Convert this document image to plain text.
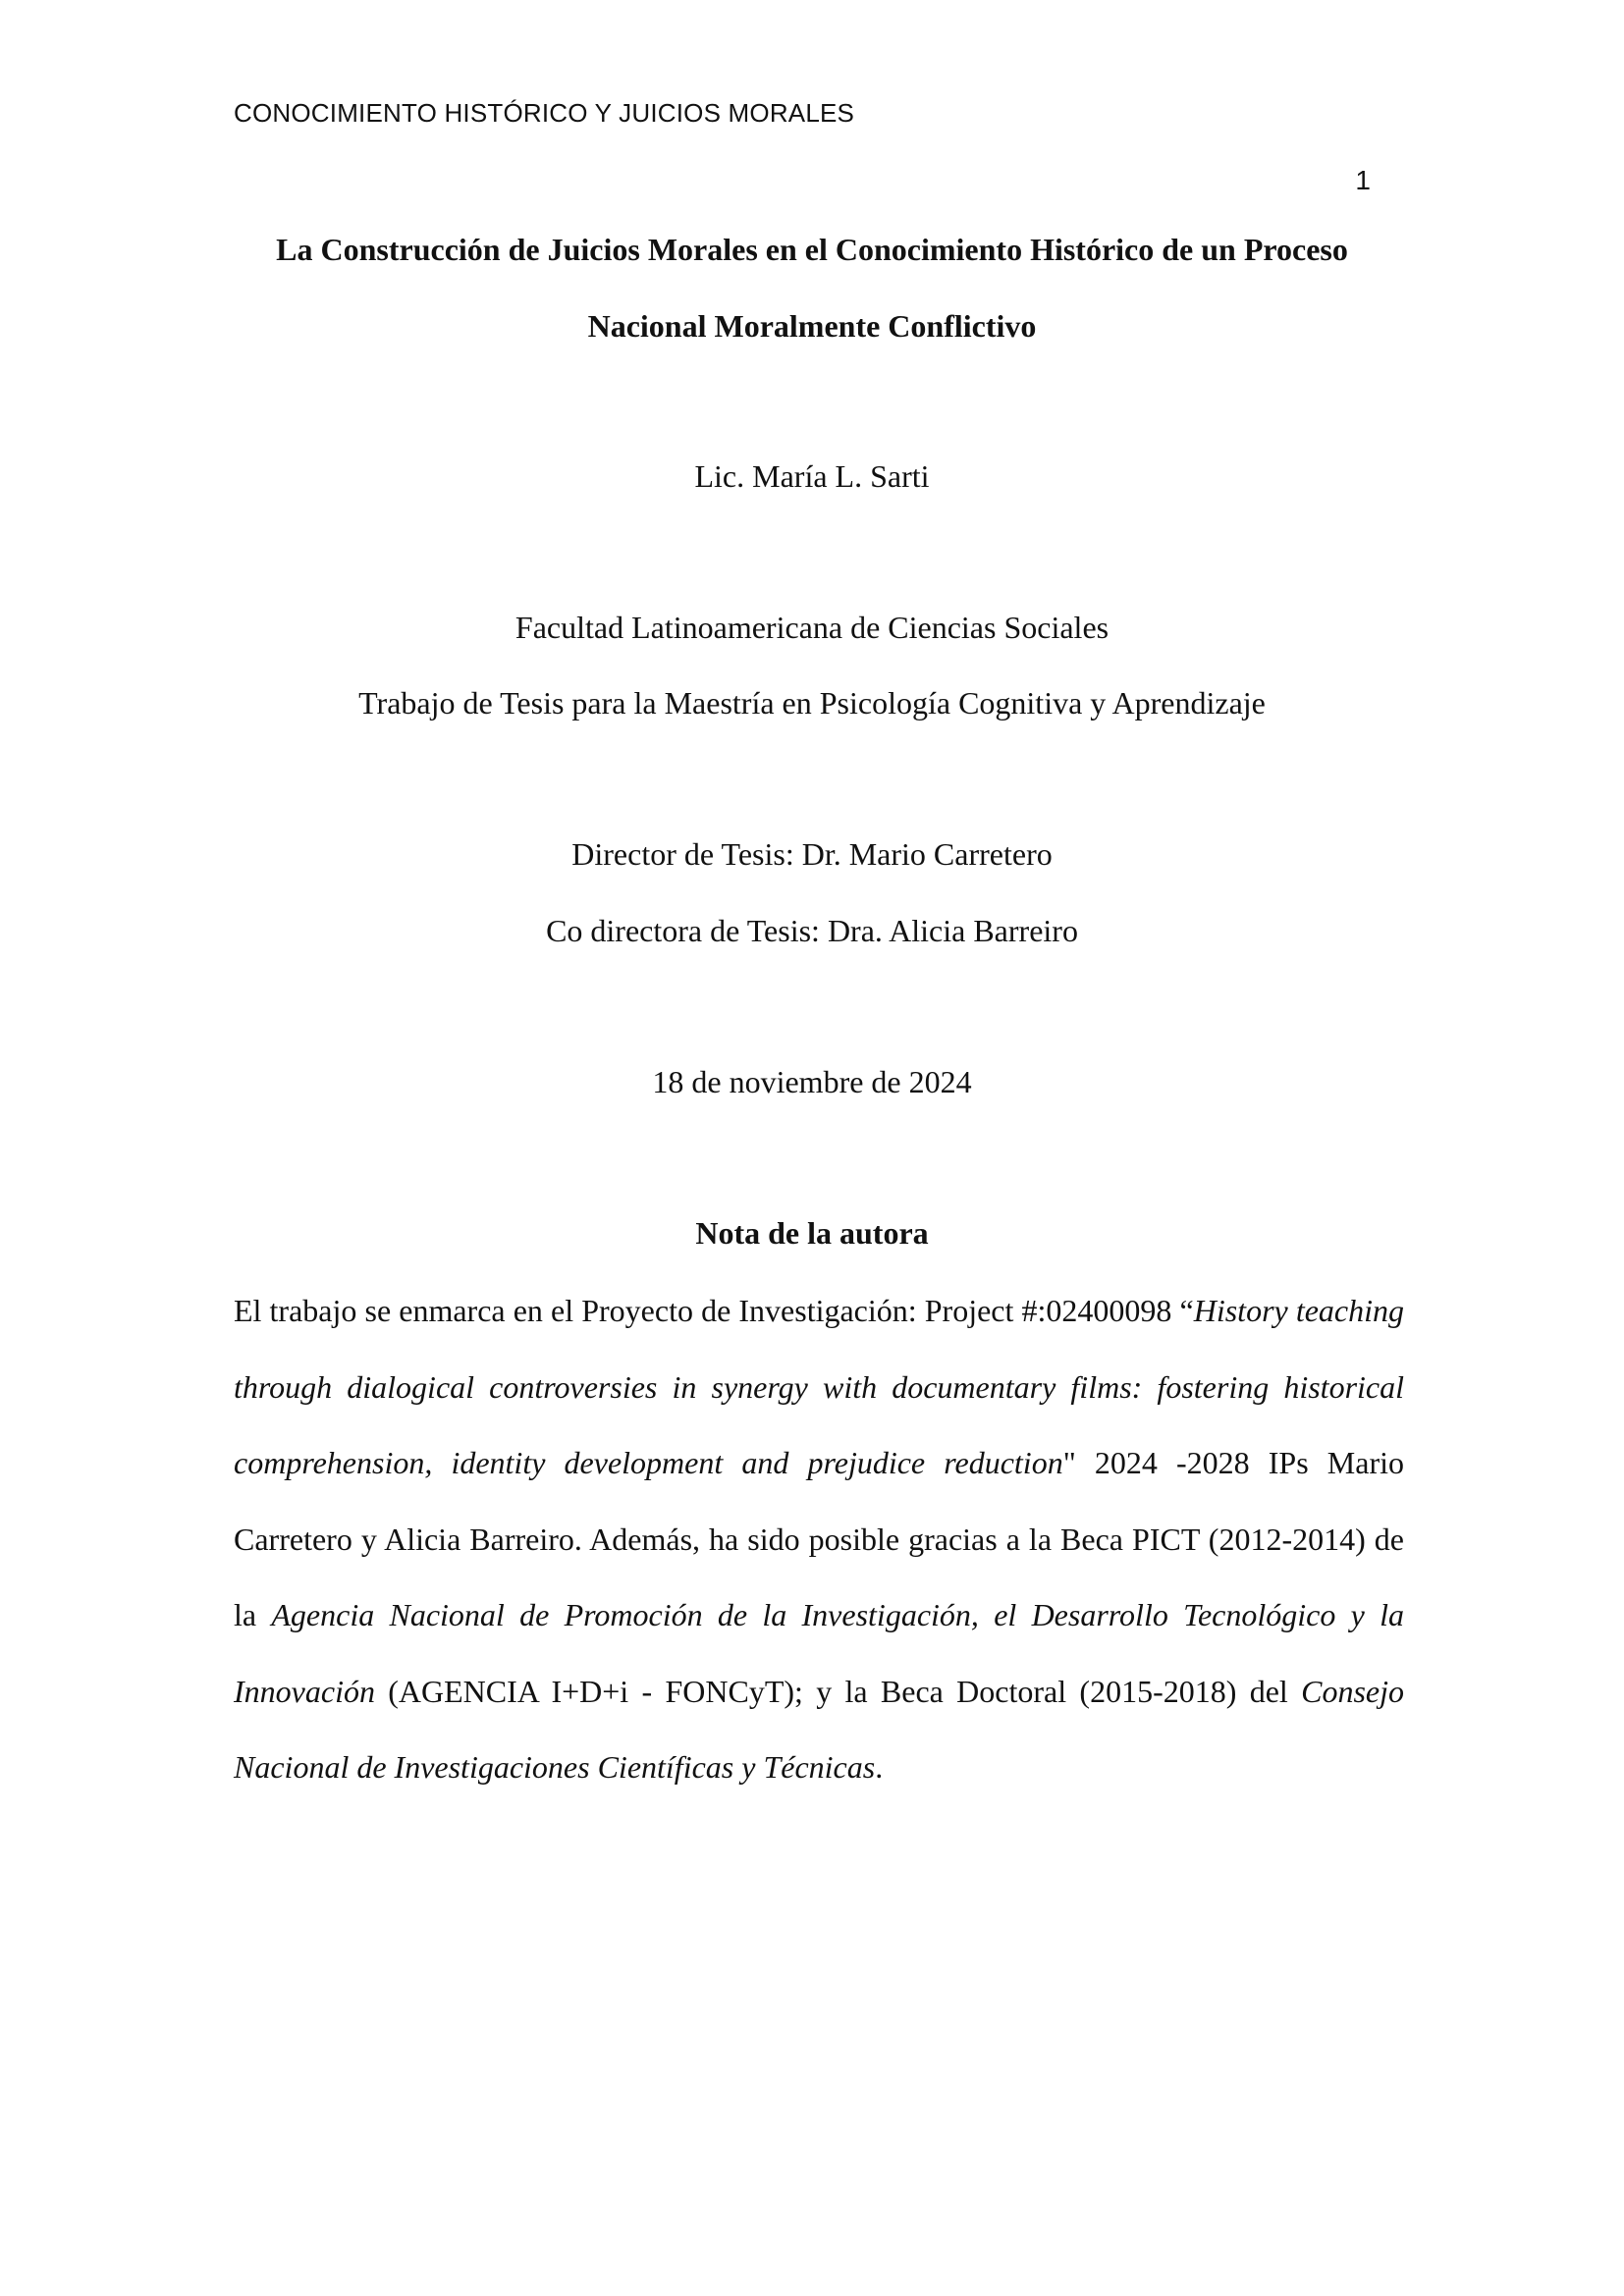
CONOCIMIENTO HISTÓRICO Y JUICIOS MORALES
1
La Construcción de Juicios Morales en el Conocimiento Histórico de un Proceso
Nacional Moralmente Conflictivo
Lic. María L. Sarti
Facultad Latinoamericana de Ciencias Sociales
Trabajo de Tesis para la Maestría en Psicología Cognitiva y Aprendizaje
Director de Tesis: Dr. Mario Carretero
Co directora de Tesis: Dra. Alicia Barreiro
18 de noviembre de 2024
Nota de la autora

El trabajo se enmarca en el Proyecto de Investigación: Project #:02400098 “History teaching through dialogical controversies in synergy with documentary films: fostering historical comprehension, identity development and prejudice reduction" 2024 -2028 IPs Mario Carretero y Alicia Barreiro. Además, ha sido posible gracias a la Beca PICT (2012-2014) de la Agencia Nacional de Promoción de la Investigación, el Desarrollo Tecnológico y la Innovación (AGENCIA I+D+i - FONCyT); y la Beca Doctoral (2015-2018) del Consejo Nacional de Investigaciones Científicas y Técnicas.
